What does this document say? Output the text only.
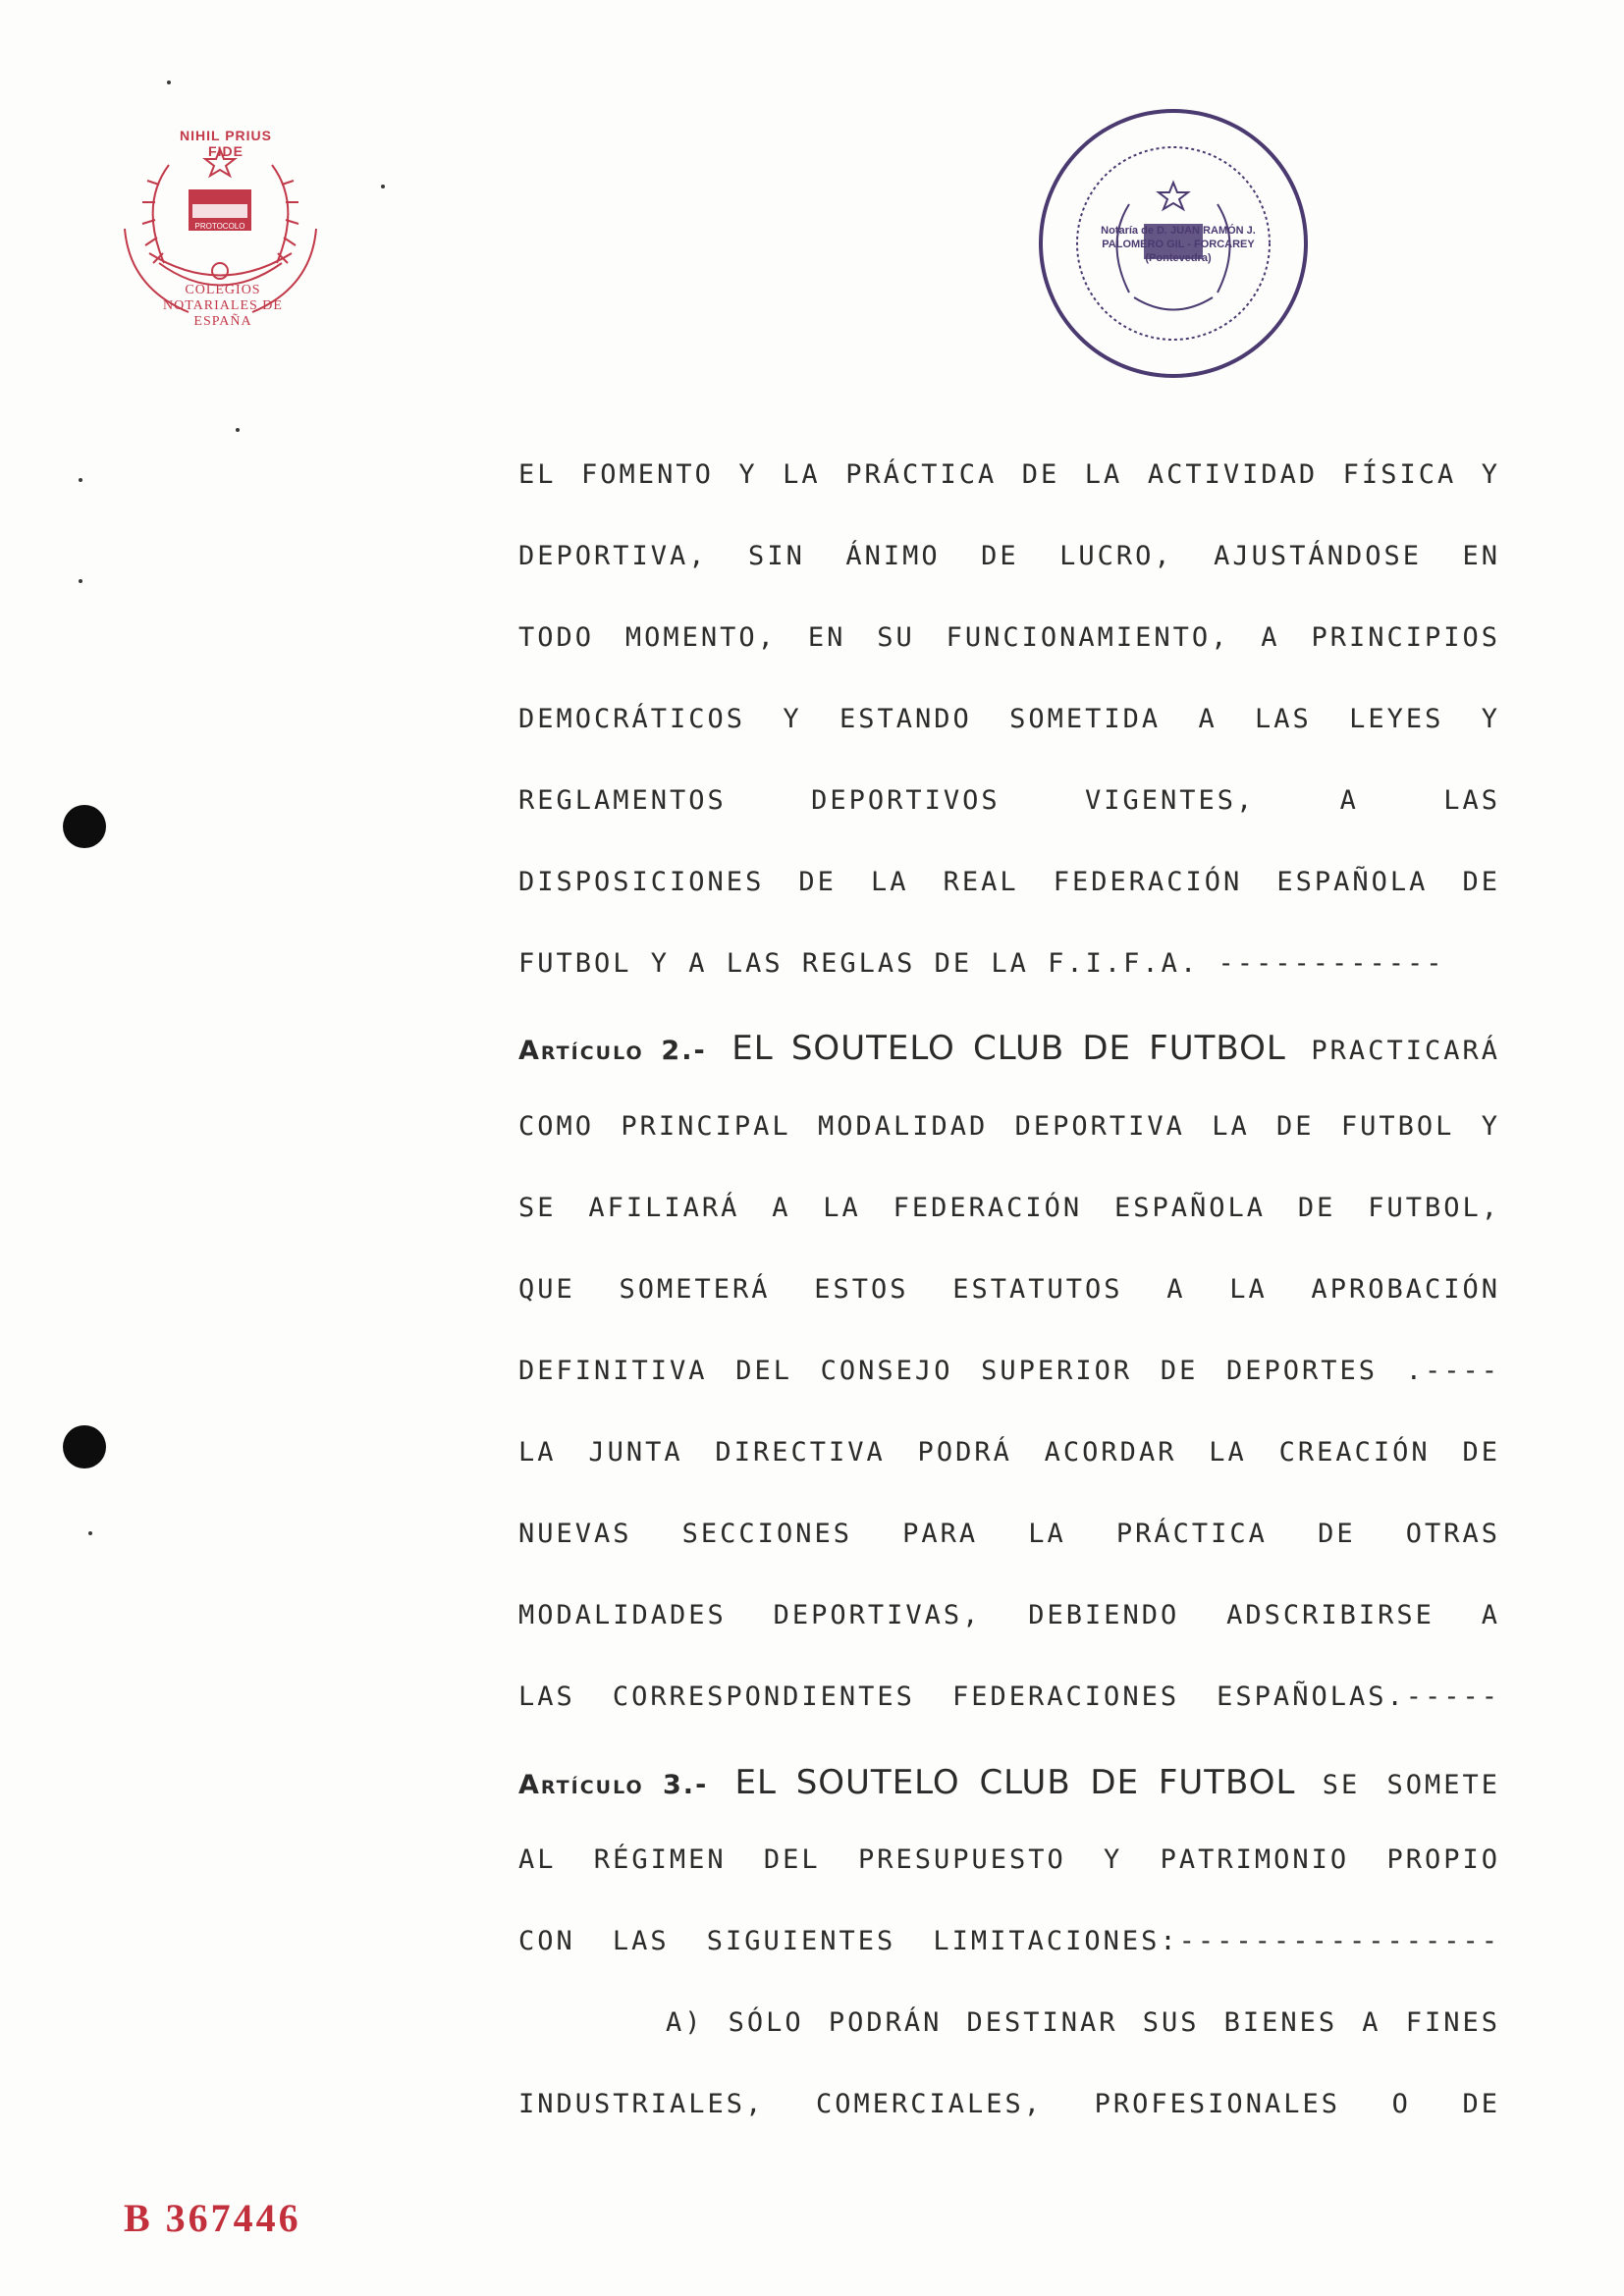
PROTOCOLO
NIHIL PRIUS FIDE
COLEGIOS NOTARIALES DE ESPAÑA
Notaría de D. JUAN RAMÓN J. PALOMERO GIL - FORCAREY (Pontevedra)
EL FOMENTO Y LA PRÁCTICA DE LA ACTIVIDAD FÍSICA Y
DEPORTIVA, SIN ÁNIMO DE LUCRO, AJUSTÁNDOSE EN
TODO MOMENTO, EN SU FUNCIONAMIENTO, A PRINCIPIOS
DEMOCRÁTICOS Y ESTANDO SOMETIDA A LAS LEYES Y
REGLAMENTOS DEPORTIVOS VIGENTES, A LAS
DISPOSICIONES DE LA REAL FEDERACIÓN ESPAÑOLA DE
FUTBOL Y A LAS REGLAS DE LA F.I.F.A. ------------
Artículo 2.- EL SOUTELO CLUB DE FUTBOL PRACTICARÁ
COMO PRINCIPAL MODALIDAD DEPORTIVA LA DE FUTBOL Y
SE AFILIARÁ A LA FEDERACIÓN ESPAÑOLA DE FUTBOL,
QUE SOMETERÁ ESTOS ESTATUTOS A LA APROBACIÓN
DEFINITIVA DEL CONSEJO SUPERIOR DE DEPORTES .----
LA JUNTA DIRECTIVA PODRÁ ACORDAR LA CREACIÓN DE
NUEVAS SECCIONES PARA LA PRÁCTICA DE OTRAS
MODALIDADES DEPORTIVAS, DEBIENDO ADSCRIBIRSE A
LAS CORRESPONDIENTES FEDERACIONES ESPAÑOLAS.-----
Artículo 3.- EL SOUTELO CLUB DE FUTBOL SE SOMETE
AL RÉGIMEN DEL PRESUPUESTO Y PATRIMONIO PROPIO
CON LAS SIGUIENTES LIMITACIONES:-----------------
A) SÓLO PODRÁN DESTINAR SUS BIENES A FINES
INDUSTRIALES, COMERCIALES, PROFESIONALES O DE
B 367446
